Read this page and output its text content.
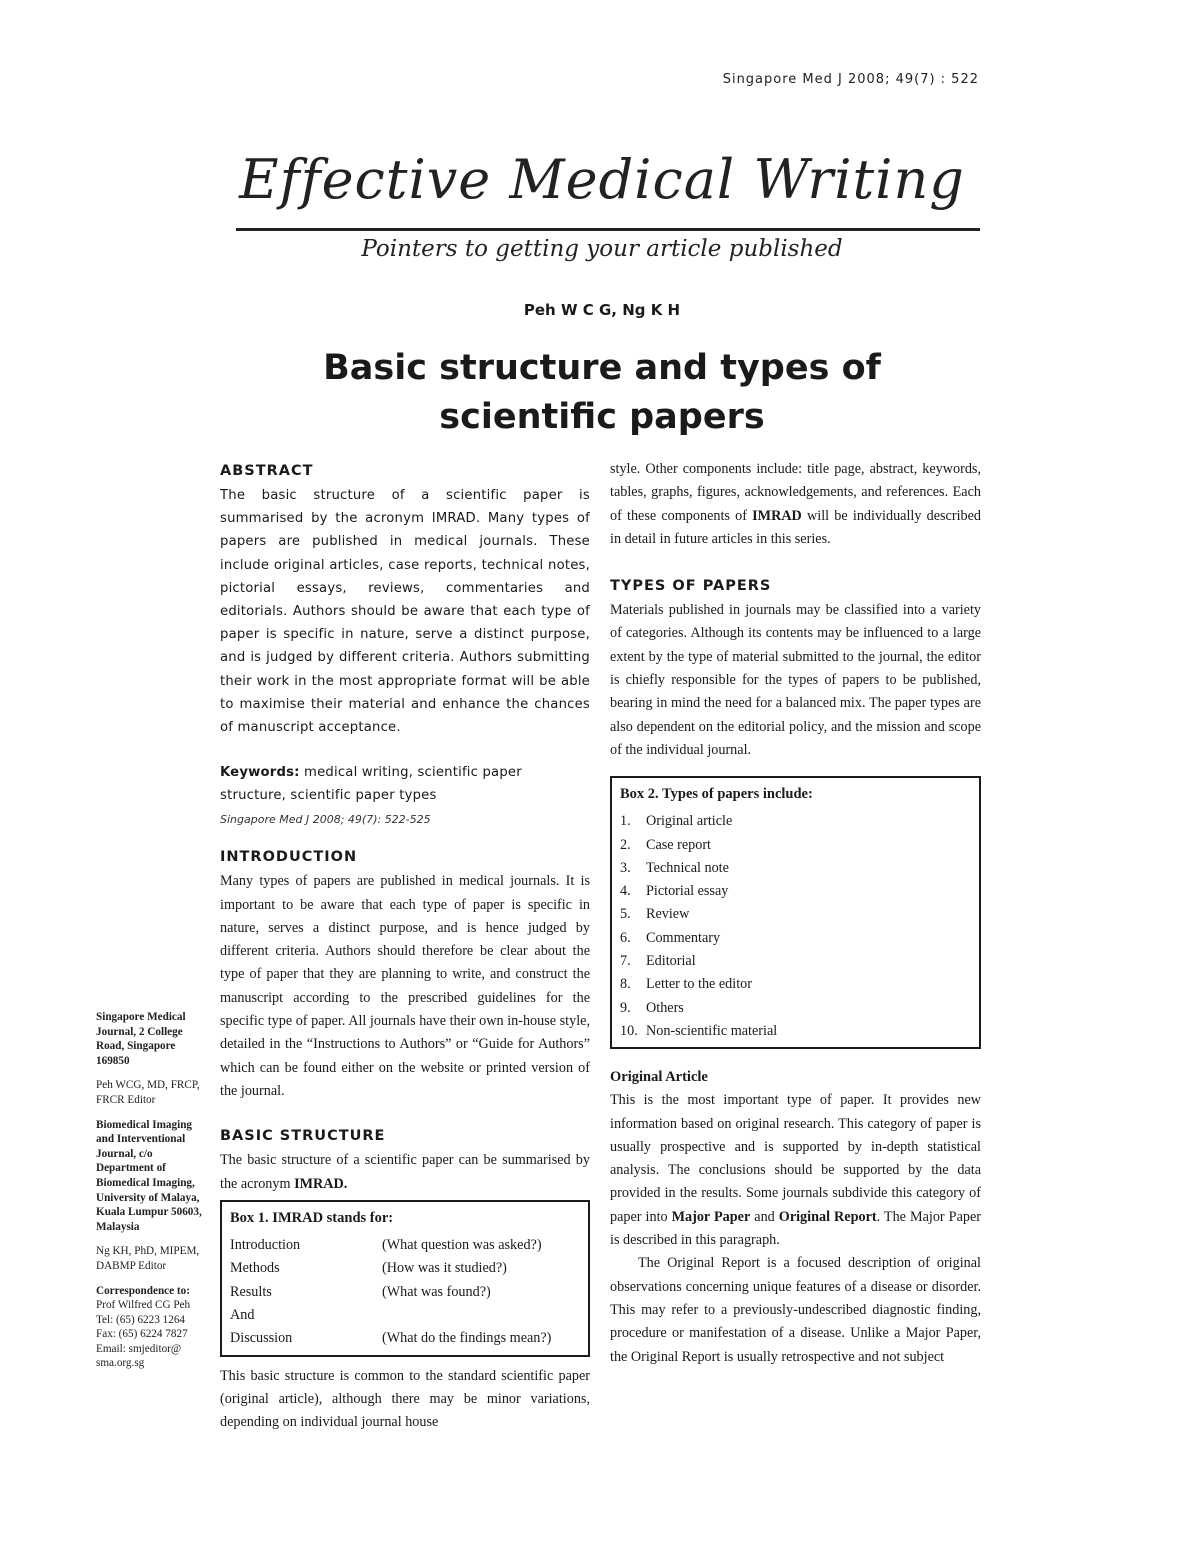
Singapore Med J 2008; 49(7) : 522
Effective Medical Writing
Pointers to getting your article published
Peh W C G, Ng K H
Basic structure and types of
scientific papers
ABSTRACT

The basic structure of a scientific paper is summarised by the acronym IMRAD. Many types of papers are published in medical journals. These include original articles, case reports, technical notes, pictorial essays, reviews, commentaries and editorials. Authors should be aware that each type of paper is specific in nature, serve a distinct purpose, and is judged by different criteria. Authors submitting their work in the most appropriate format will be able to maximise their material and enhance the chances of manuscript acceptance.

Keywords: medical writing, scientific paper structure, scientific paper types

Singapore Med J 2008; 49(7): 522-525

INTRODUCTION

Many types of papers are published in medical journals. It is important to be aware that each type of paper is specific in nature, serves a distinct purpose, and is hence judged by different criteria. Authors should therefore be clear about the type of paper that they are planning to write, and construct the manuscript according to the prescribed guidelines for the specific type of paper. All journals have their own in-house style, detailed in the “Instructions to Authors” or “Guide for Authors” which can be found either on the website or printed version of the journal.

BASIC STRUCTURE

The basic structure of a scientific paper can be summarised by the acronym IMRAD.

Box 1. IMRAD stands for:
Introduction	(What question was asked?)
Methods	(How was it studied?)
Results	(What was found?)
And
Discussion	(What do the findings mean?)

This basic structure is common to the standard scientific paper (original article), although there may be minor variations, depending on individual journal house

style. Other components include: title page, abstract, keywords, tables, graphs, figures, acknowledgements, and references. Each of these components of IMRAD will be individually described in detail in future articles in this series.

TYPES OF PAPERS

Materials published in journals may be classified into a variety of categories. Although its contents may be influenced to a large extent by the type of material submitted to the journal, the editor is chiefly responsible for the types of papers to be published, bearing in mind the need for a balanced mix. The paper types are also dependent on the editorial policy, and the mission and scope of the individual journal.

Box 2. Types of papers include:
1.	Original article
2.	Case report
3.	Technical note
4.	Pictorial essay
5.	Review
6.	Commentary
7.	Editorial
8.	Letter to the editor
9.	Others
10. Non-scientific material
Original Article

This is the most important type of paper. It provides new information based on original research. This category of paper is usually prospective and is supported by in-depth statistical analysis. The conclusions should be supported by the data provided in the results. Some journals subdivide this category of paper into Major Paper and Original Report. The Major Paper is described in this paragraph.

The Original Report is a focused description of original observations concerning unique features of a disease or disorder. This may refer to a previously-undescribed diagnostic finding, procedure or manifestation of a disease. Unlike a Major Paper, the Original Report is usually retrospective and not subject

Singapore Medical Journal, 2 College Road, Singapore 169850

Peh WCG, MD, FRCP, FRCR Editor

Biomedical Imaging and Interventional Journal, c/o Department of Biomedical Imaging, University of Malaya, Kuala Lumpur 50603, Malaysia

Ng KH, PhD, MIPEM, DABMP Editor

Correspondence to:
Prof Wilfred CG Peh
Tel: (65) 6223 1264
Fax: (65) 6224 7827
Email: smjeditor@ sma.org.sg
